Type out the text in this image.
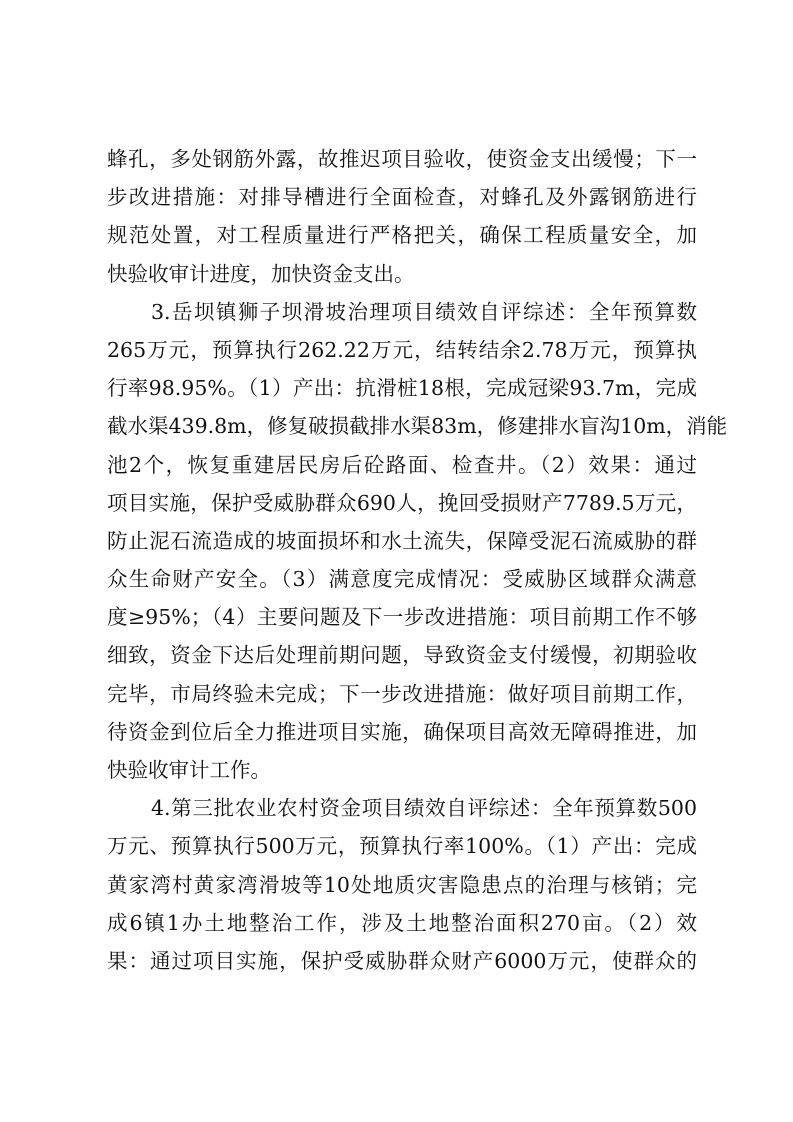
蜂孔，多处钢筋外露，故推迟项目验收，使资金支出缓慢；下一
步改进措施：对排导槽进行全面检查，对蜂孔及外露钢筋进行
规范处置，对工程质量进行严格把关，确保工程质量安全，加
快验收审计进度，加快资金支出。
3.岳坝镇狮子坝滑坡治理项目绩效自评综述：全年预算数
265万元，预算执行262.22万元，结转结余2.78万元，预算执
行率98.95%。（1）产出：抗滑桩18根，完成冠梁93.7m，完成
截水渠439.8m，修复破损截排水渠83m，修建排水盲沟10m，消能
池2个，恢复重建居民房后砼路面、检查井。（2）效果：通过
项目实施，保护受威胁群众690人，挽回受损财产7789.5万元，
防止泥石流造成的坡面损坏和水土流失，保障受泥石流威胁的群
众生命财产安全。（3）满意度完成情况：受威胁区域群众满意
度≥95%；（4）主要问题及下一步改进措施：项目前期工作不够
细致，资金下达后处理前期问题，导致资金支付缓慢，初期验收
完毕，市局终验未完成；下一步改进措施：做好项目前期工作，
待资金到位后全力推进项目实施，确保项目高效无障碍推进，加
快验收审计工作。
4.第三批农业农村资金项目绩效自评综述：全年预算数500
万元、预算执行500万元，预算执行率100%。（1）产出：完成
黄家湾村黄家湾滑坡等10处地质灾害隐患点的治理与核销；完
成6镇1办土地整治工作，涉及土地整治面积270亩。（2）效
果：通过项目实施，保护受威胁群众财产6000万元，使群众的
